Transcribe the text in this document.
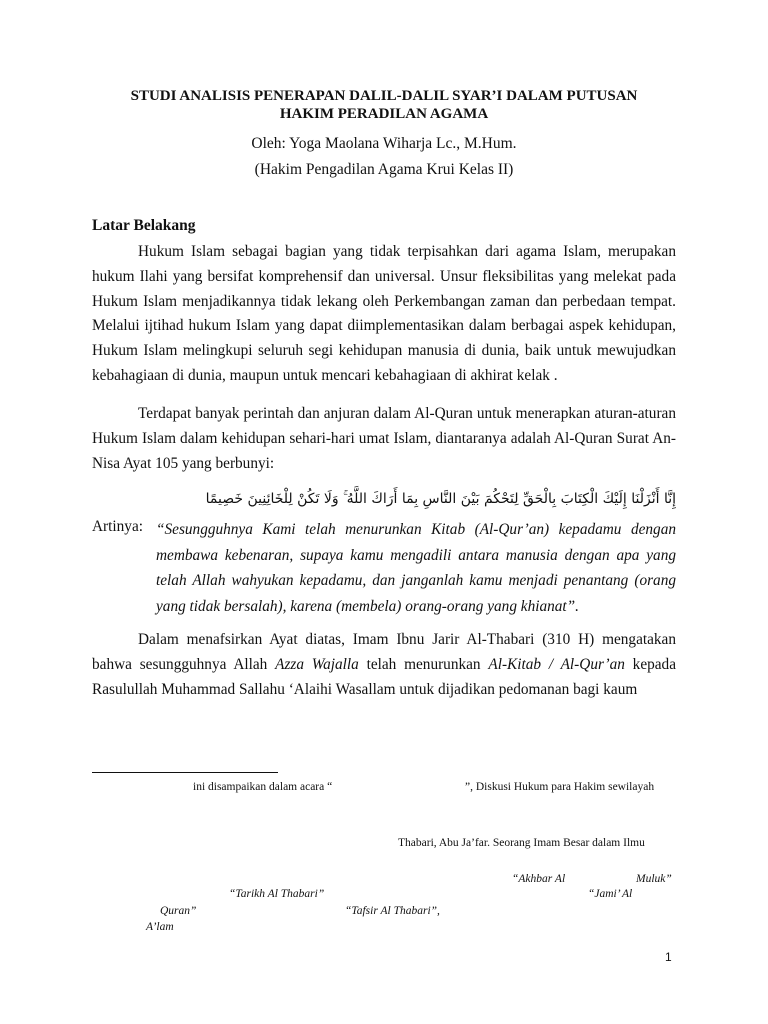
STUDI ANALISIS PENERAPAN DALIL-DALIL SYAR’I DALAM PUTUSAN
HAKIM PERADILAN AGAMA
Oleh: Yoga Maolana Wiharja Lc., M.Hum.
(Hakim Pengadilan Agama Krui Kelas II)
Latar Belakang

Hukum Islam sebagai bagian yang tidak terpisahkan dari agama Islam, merupakan hukum Ilahi yang bersifat komprehensif dan universal. Unsur fleksibilitas yang melekat pada Hukum Islam menjadikannya tidak lekang oleh Perkembangan zaman dan perbedaan tempat. Melalui ijtihad hukum Islam yang dapat diimplementasikan dalam berbagai aspek kehidupan, Hukum Islam melingkupi seluruh segi kehidupan manusia di dunia, baik untuk mewujudkan kebahagiaan di dunia, maupun untuk mencari kebahagiaan di akhirat kelak .

Terdapat banyak perintah dan anjuran dalam Al-Quran untuk menerapkan aturan-aturan Hukum Islam dalam kehidupan sehari-hari umat Islam, diantaranya adalah Al-Quran Surat An-Nisa Ayat 105 yang berbunyi:

إِنَّا أَنْزَلْنَا إِلَيْكَ الْكِتَابَ بِالْحَقِّ لِتَحْكُمَ بَيْنَ النَّاسِ بِمَا أَرَاكَ اللَّهُ ۚ وَلَا تَكُنْ لِلْخَائِنِينَ خَصِيمًا
Artinya: “Sesungguhnya Kami telah menurunkan Kitab (Al-Qur’an) kepadamu dengan membawa kebenaran, supaya kamu mengadili antara manusia dengan apa yang telah Allah wahyukan kepadamu, dan janganlah kamu menjadi penantang (orang yang tidak bersalah), karena (membela) orang-orang yang khianat”.

Dalam menafsirkan Ayat diatas, Imam Ibnu Jarir Al-Thabari (310 H) mengatakan bahwa sesungguhnya Allah Azza Wajalla telah menurunkan Al-Kitab / Al-Qur’an kepada Rasulullah Muhammad Sallahu ‘Alaihi Wasallam untuk dijadikan pedomanan bagi kaum

ini disampaikan dalam acara “	”, Diskusi Hukum para Hakim sewilayah
Thabari, Abu Ja’far. Seorang Imam Besar dalam Ilmu
“Akhbar Al	Muluk”
“Tarikh Al Thabari”	“Jami’ Al
Quran”	“Tafsir Al Thabari”,
A’lam
1
